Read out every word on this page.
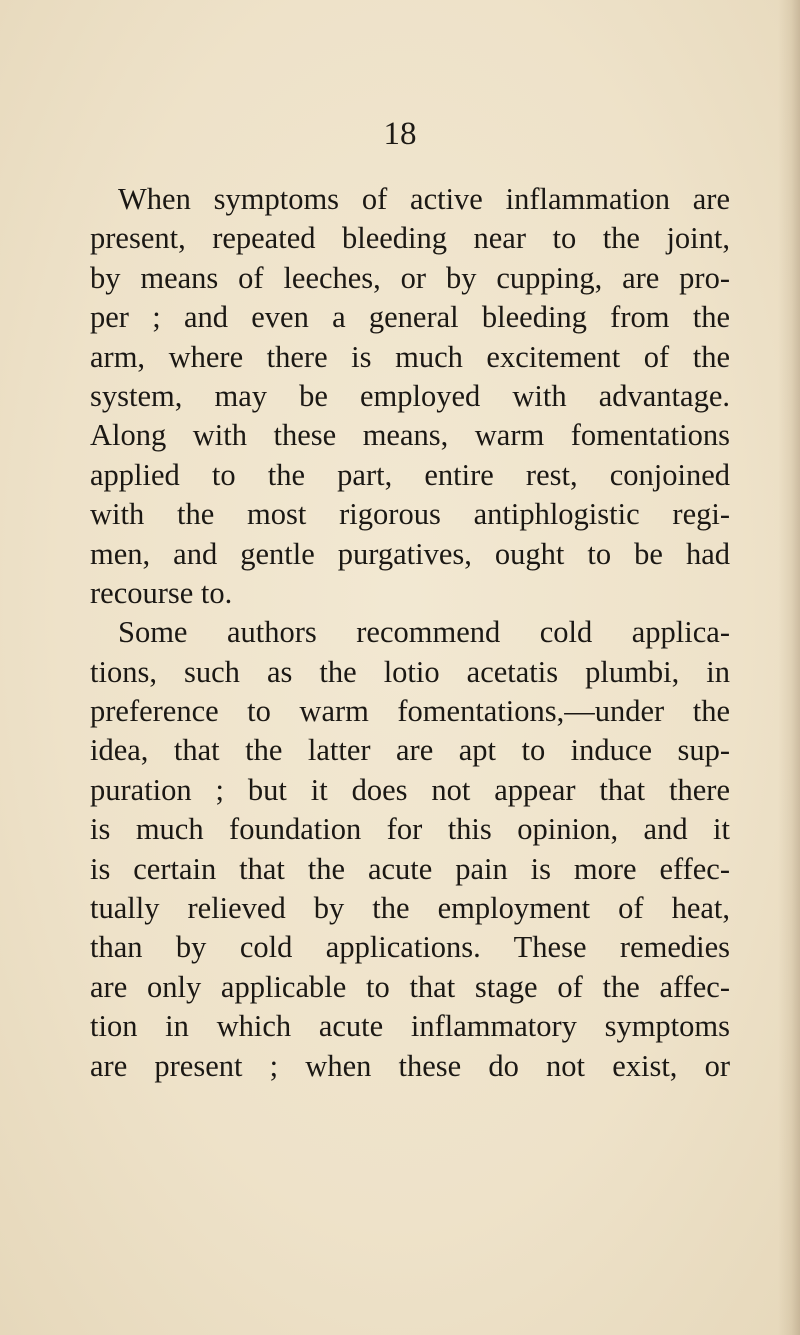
18
When symptoms of active inflammation are
present, repeated bleeding near to the joint,
by means of leeches, or by cupping, are pro-
per ; and even a general bleeding from the
arm, where there is much excitement of the
system, may be employed with advantage.
Along with these means, warm fomentations
applied to the part, entire rest, conjoined
with the most rigorous antiphlogistic regi-
men, and gentle purgatives, ought to be had
recourse to.
Some authors recommend cold applica-
tions, such as the lotio acetatis plumbi, in
preference to warm fomentations,—under the
idea, that the latter are apt to induce sup-
puration ; but it does not appear that there
is much foundation for this opinion, and it
is certain that the acute pain is more effec-
tually relieved by the employment of heat,
than by cold applications. These remedies
are only applicable to that stage of the affec-
tion in which acute inflammatory symptoms
are present ; when these do not exist, or
